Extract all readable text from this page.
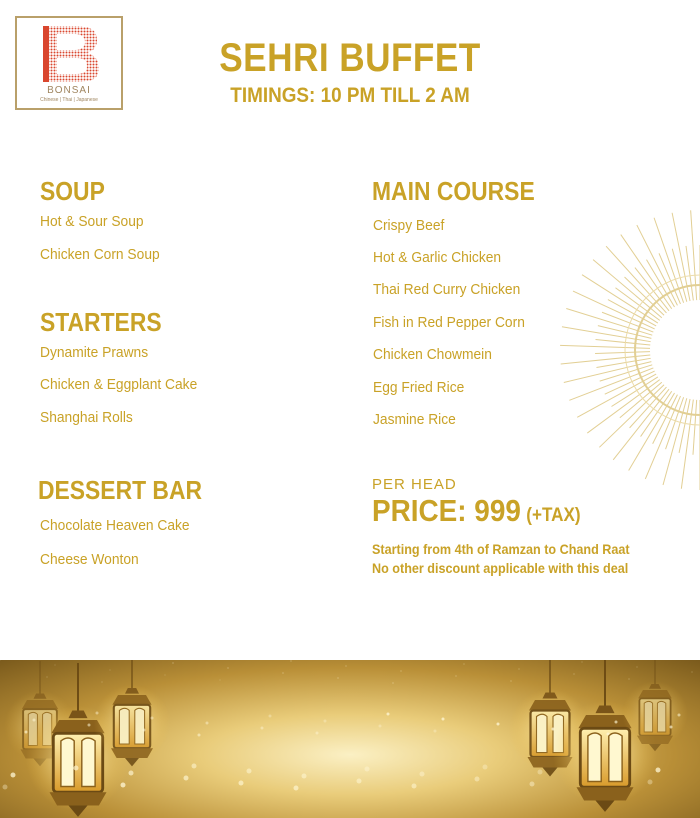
BONSAI
Chinese | Thai | Japanese
SEHRI BUFFET
TIMINGS: 10 PM TILL 2 AM
SOUP
Hot & Sour Soup
Chicken Corn Soup
STARTERS
Dynamite Prawns
Chicken & Eggplant Cake
Shanghai Rolls
DESSERT BAR
Chocolate Heaven Cake
Cheese Wonton
MAIN COURSE
Crispy Beef
Hot & Garlic Chicken
Thai Red Curry Chicken
Fish in Red Pepper Corn
Chicken Chowmein
Egg Fried Rice
Jasmine Rice
PER HEAD
PRICE: 999 (+TAX)
Starting from 4th of Ramzan to Chand Raat
No other discount applicable with this deal
